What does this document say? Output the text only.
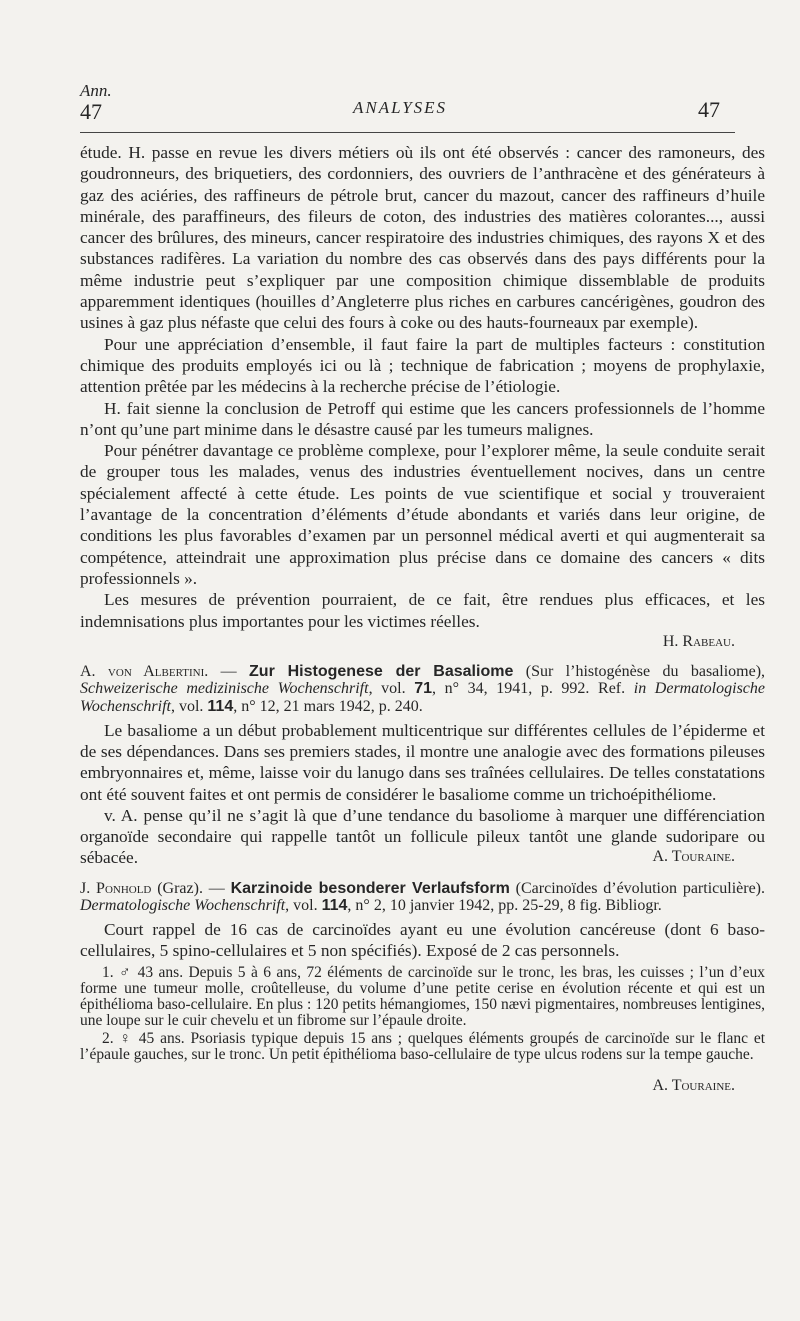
Ann.
47	ANALYSES	47

étude. H. passe en revue les divers métiers où ils ont été observés : cancer des ramoneurs, des goudronneurs, des briquetiers, des cordonniers, des ouvriers de l’anthracène et des générateurs à gaz des aciéries, des raffineurs de pétrole brut, cancer du mazout, cancer des raffineurs d’huile minérale, des paraffineurs, des fileurs de coton, des industries des matières colorantes..., aussi cancer des brûlures, des mineurs, cancer respiratoire des industries chimiques, des rayons X et des substances radifères. La variation du nombre des cas observés dans des pays différents pour la même industrie peut s’expliquer par une composition chimique dissemblable de produits apparemment identiques (houilles d’Angleterre plus riches en carbures cancérigènes, goudron des usines à gaz plus néfaste que celui des fours à coke ou des hauts-fourneaux par exemple).

Pour une appréciation d’ensemble, il faut faire la part de multiples facteurs : constitution chimique des produits employés ici ou là ; technique de fabrication ; moyens de prophylaxie, attention prêtée par les médecins à la recherche précise de l’étiologie.

H. fait sienne la conclusion de Petroff qui estime que les cancers professionnels de l’homme n’ont qu’une part minime dans le désastre causé par les tumeurs malignes.

Pour pénétrer davantage ce problème complexe, pour l’explorer même, la seule conduite serait de grouper tous les malades, venus des industries éventuellement nocives, dans un centre spécialement affecté à cette étude. Les points de vue scientifique et social y trouveraient l’avantage de la concentration d’éléments d’étude abondants et variés dans leur origine, de conditions les plus favorables d’examen par un personnel médical averti et qui augmenterait sa compétence, atteindrait une approximation plus précise dans ce domaine des cancers « dits professionnels ».

Les mesures de prévention pourraient, de ce fait, être rendues plus efficaces, et les indemnisations plus importantes pour les victimes réelles.

H. Rabeau.

A. von Albertini. — Zur Histogenese der Basaliome (Sur l’histogénèse du basaliome), Schweizerische medizinische Wochenschrift, vol. 71, n° 34, 1941, p. 992. Ref. in Dermatologische Wochenschrift, vol. 114, n° 12, 21 mars 1942, p. 240.

Le basaliome a un début probablement multicentrique sur différentes cellules de l’épiderme et de ses dépendances. Dans ses premiers stades, il montre une analogie avec des formations pileuses embryonnaires et, même, laisse voir du lanugo dans ses traînées cellulaires. De telles constatations ont été souvent faites et ont permis de considérer le basaliome comme un trichoépithéliome.

v. A. pense qu’il ne s’agit là que d’une tendance du basoliome à marquer une différenciation organoïde secondaire qui rappelle tantôt un follicule pileux tantôt une glande sudoripare ou sébacée.	A. Touraine.

J. Ponhold (Graz). — Karzinoide besonderer Verlaufsform (Carcinoïdes d’évolution particulière). Dermatologische Wochenschrift, vol. 114, n° 2, 10 janvier 1942, pp. 25-29, 8 fig. Bibliogr.

Court rappel de 16 cas de carcinoïdes ayant eu une évolution cancéreuse (dont 6 baso-cellulaires, 5 spino-cellulaires et 5 non spécifiés). Exposé de 2 cas personnels.

1. ♂ 43 ans. Depuis 5 à 6 ans, 72 éléments de carcinoïde sur le tronc, les bras, les cuisses ; l’un d’eux forme une tumeur molle, croûtelleuse, du volume d’une petite cerise en évolution récente et qui est un épithélioma baso-cellulaire. En plus : 120 petits hémangiomes, 150 nævi pigmentaires, nombreuses lentigines, une loupe sur le cuir chevelu et un fibrome sur l’épaule droite.

2. ♀ 45 ans. Psoriasis typique depuis 15 ans ; quelques éléments groupés de carcinoïde sur le flanc et l’épaule gauches, sur le tronc. Un petit épithélioma baso-cellulaire de type ulcus rodens sur la tempe gauche.

A. Touraine.
